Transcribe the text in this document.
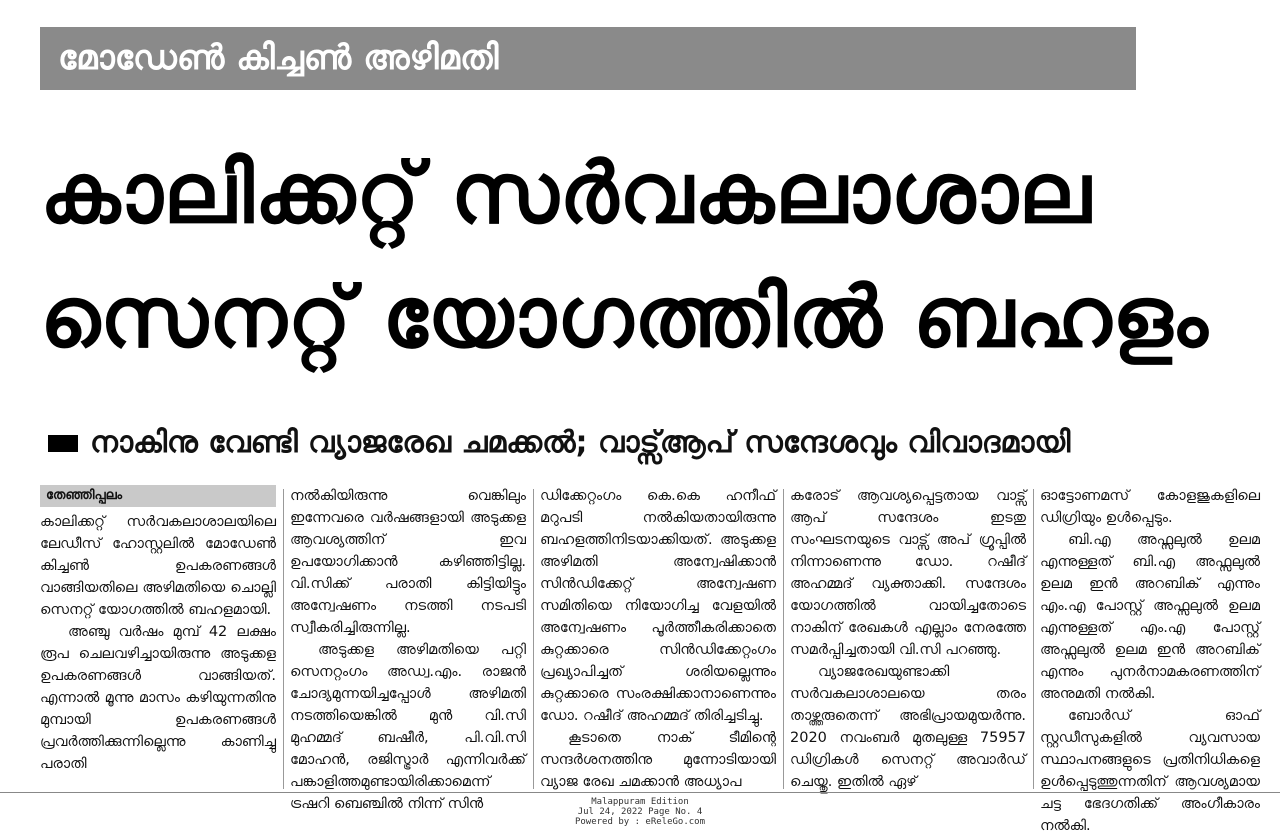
മോഡേൺ കിച്ചൺ അഴിമതി
കാലിക്കറ്റ് സർവകലാശാല
സെനറ്റ് യോഗത്തിൽ ബഹളം
നാകിനു വേണ്ടി വ്യാജരേഖ ചമക്കൽ; വാട്സ്ആപ് സന്ദേശവും വിവാദമായി
തേഞ്ഞിപ്പലം

കാലിക്കറ്റ് സർവകലാശാലയിലെ ലേഡീസ് ഹോസ്റ്റലിൽ മോഡേൺ കിച്ചൺ ഉപകരണങ്ങൾ വാങ്ങിയതിലെ അഴിമതിയെ ചൊല്ലി സെനറ്റ് യോഗത്തിൽ ബഹളമായി.

അഞ്ചു വർഷം മുമ്പ് 42 ലക്ഷം രൂപ ചെലവഴിച്ചായിരുന്നു അടുക്കള ഉപകരണങ്ങൾ വാങ്ങിയത്. എന്നാൽ മൂന്നു മാസം കഴിയുന്നതിനു മുമ്പായി ഉപകരണങ്ങൾ പ്രവർത്തിക്കുന്നില്ലെന്നു കാണിച്ചു പരാതി

നൽകിയിരുന്നു വെങ്കിലും ഇന്നേവരെ വർഷങ്ങളായി അടുക്കള ആവശ്യത്തിന് ഇവ ഉപയോഗിക്കാൻ കഴിഞ്ഞിട്ടില്ല. വി.സിക്ക് പരാതി കിട്ടിയിട്ടും അന്വേഷണം നടത്തി നടപടി സ്വീകരിച്ചിരുന്നില്ല.

അടുക്കള അഴിമതിയെ പറ്റി സെനറ്റംഗം അഡ്വ.എം. രാജൻ ചോദ്യമുന്നയിച്ചപ്പോൾ അഴിമതി നടത്തിയെങ്കിൽ മുൻ വി.സി മുഹമ്മദ് ബഷീർ, പി.വി.സി മോഹൻ, രജിസ്ട്രാർ എന്നിവർക്ക് പങ്കാളിത്തമുണ്ടായിരിക്കാമെന്ന് ട്രഷറി ബെഞ്ചിൽ നിന്ന് സിൻ

ഡിക്കേറ്റംഗം കെ.കെ ഹനീഫ് മറുപടി നൽകിയതായിരുന്നു ബഹളത്തിനിടയാക്കിയത്. അടുക്കള അഴിമതി അന്വേഷിക്കാൻ സിൻഡിക്കേറ്റ് അന്വേഷണ സമിതിയെ നിയോഗിച്ച വേളയിൽ അന്വേഷണം പൂർത്തീകരിക്കാതെ കുറ്റക്കാരെ സിൻഡിക്കേറ്റംഗം പ്രഖ്യാപിച്ചത് ശരിയല്ലെന്നും കുറ്റക്കാരെ സംരക്ഷിക്കാനാണെന്നും ഡോ. റഷീദ് അഹമ്മദ് തിരിച്ചടിച്ചു.

കൂടാതെ നാക് ടീമിന്റെ സന്ദർശനത്തിനു മുന്നോടിയായി വ്യാജ രേഖ ചമക്കാൻ അധ്യാപ

കരോട് ആവശ്യപ്പെട്ടതായ വാട്സ് ആപ് സന്ദേശം ഇടതു സംഘടനയുടെ വാട്സ് അപ് ഗ്രൂപ്പിൽ നിന്നാണെന്നു ഡോ. റഷീദ് അഹമ്മദ് വ്യക്താക്കി. സന്ദേശം യോഗത്തിൽ വായിച്ചതോടെ നാകിന് രേഖകൾ എല്ലാം നേരത്തേ സമർപ്പിച്ചതായി വി.സി പറഞ്ഞു.

വ്യാജരേഖയുണ്ടാക്കി സർവകലാശാലയെ തരം താഴ്ത്തരുതെന്ന് അഭിപ്രായമുയർന്നു. 2020 നവംബർ മുതലുള്ള 75957 ഡിഗ്രികൾ സെനറ്റ് അവാർഡ് ചെയ്തു. ഇതിൽ ഏഴ്

ഓട്ടോണമസ് കോളജുകളിലെ ഡിഗ്രിയും ഉൾപ്പെടും.

ബി.എ അഫ്സലുൽ ഉലമ എന്നുള്ളത് ബി.എ അഫ്സലുൽ ഉലമ ഇൻ അറബിക് എന്നും എം.എ പോസ്റ്റ് അഫ്സലുൽ ഉലമ എന്നുള്ളത് എം.എ പോസ്റ്റ് അഫ്സലുൽ ഉലമ ഇൻ അറബിക് എന്നും പുനർനാമകരണത്തിന് അനുമതി നൽകി.

ബോർഡ് ഓഫ് സ്റ്റഡീസുകളിൽ വ്യവസായ സ്ഥാപനങ്ങളുടെ പ്രതിനിധികളെ ഉൾപ്പെടുത്തുന്നതിന് ആവശ്യമായ ചട്ട ഭേദഗതിക്ക് അംഗീകാരം നൽകി.

Malappuram Edition
Jul 24, 2022 Page No. 4
Powered by : eReleGo.com
